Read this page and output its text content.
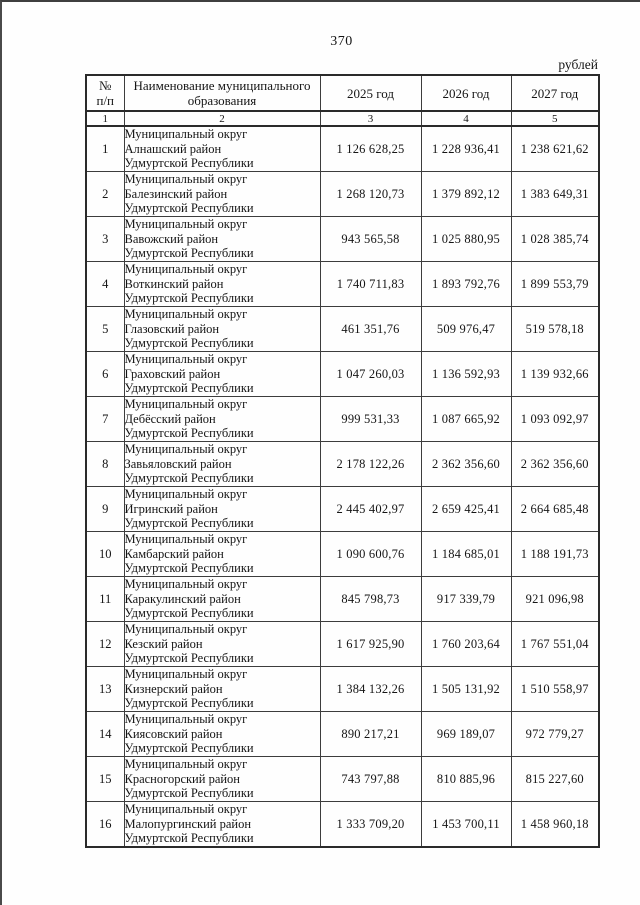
370
рублей
№
п/п	Наименование муниципального образования	2025 год	2026 год	2027 год
1	2	3	4	5
1	Муниципальный округ
Алнашский район
Удмуртской Республики	1 126 628,25	1 228 936,41	1 238 621,62
2	Муниципальный округ
Балезинский район
Удмуртской Республики	1 268 120,73	1 379 892,12	1 383 649,31
3	Муниципальный округ
Вавожский район
Удмуртской Республики	943 565,58	1 025 880,95	1 028 385,74
4	Муниципальный округ
Воткинский район
Удмуртской Республики	1 740 711,83	1 893 792,76	1 899 553,79
5	Муниципальный округ
Глазовский район
Удмуртской Республики	461 351,76	509 976,47	519 578,18
6	Муниципальный округ
Граховский район
Удмуртской Республики	1 047 260,03	1 136 592,93	1 139 932,66
7	Муниципальный округ
Дебёсский район
Удмуртской Республики	999 531,33	1 087 665,92	1 093 092,97
8	Муниципальный округ
Завьяловский район
Удмуртской Республики	2 178 122,26	2 362 356,60	2 362 356,60
9	Муниципальный округ
Игринский район
Удмуртской Республики	2 445 402,97	2 659 425,41	2 664 685,48
10	Муниципальный округ
Камбарский район
Удмуртской Республики	1 090 600,76	1 184 685,01	1 188 191,73
11	Муниципальный округ
Каракулинский район
Удмуртской Республики	845 798,73	917 339,79	921 096,98
12	Муниципальный округ
Кезский район
Удмуртской Республики	1 617 925,90	1 760 203,64	1 767 551,04
13	Муниципальный округ
Кизнерский район
Удмуртской Республики	1 384 132,26	1 505 131,92	1 510 558,97
14	Муниципальный округ
Киясовский район
Удмуртской Республики	890 217,21	969 189,07	972 779,27
15	Муниципальный округ
Красногорский район
Удмуртской Республики	743 797,88	810 885,96	815 227,60
16	Муниципальный округ
Малопургинский район
Удмуртской Республики	1 333 709,20	1 453 700,11	1 458 960,18
